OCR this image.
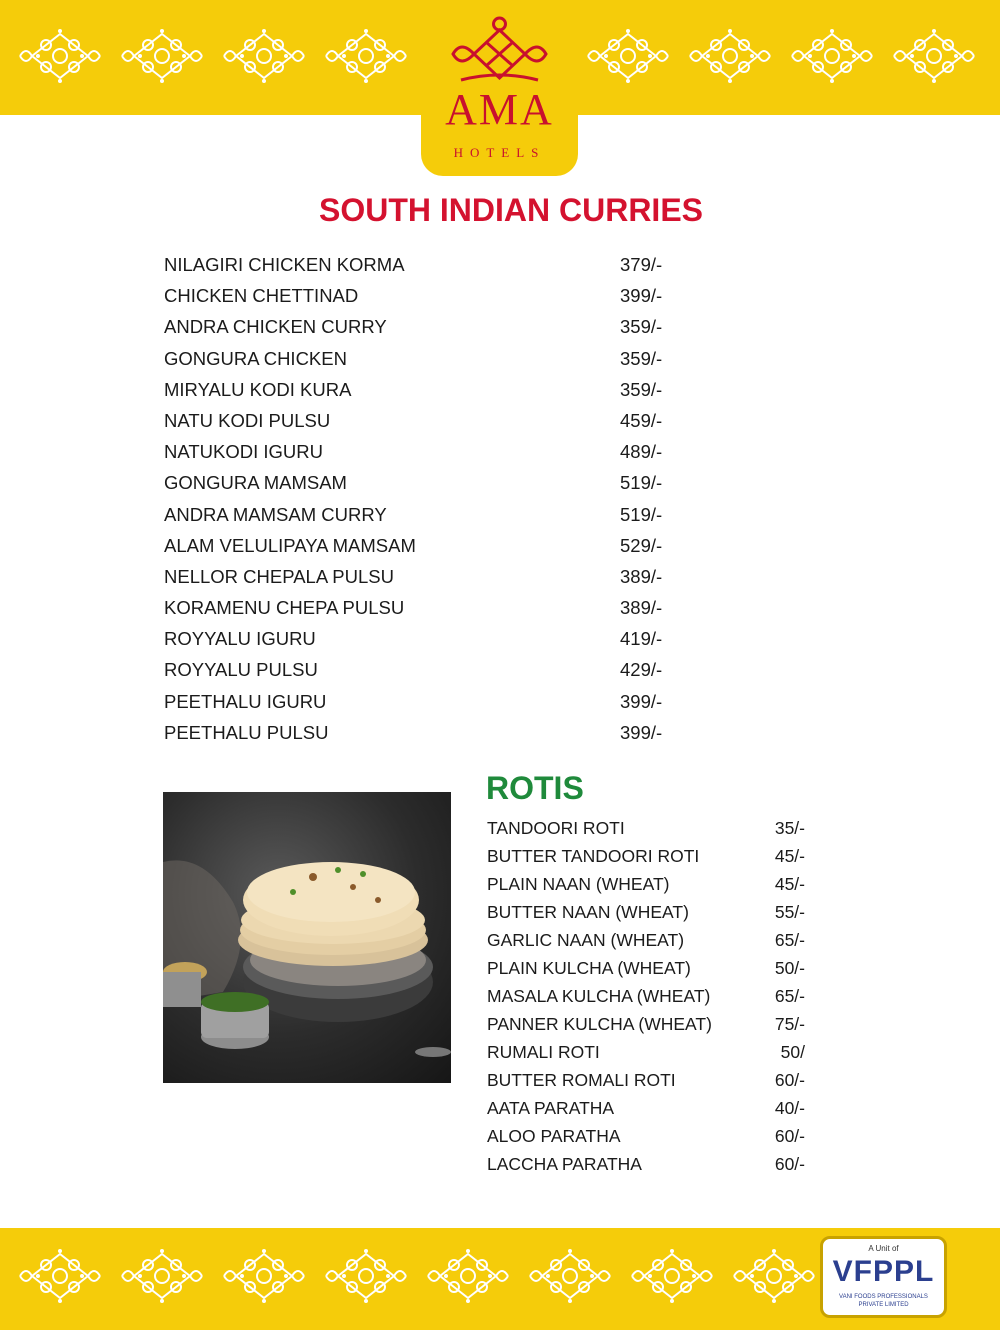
AMA
HOTELS
SOUTH INDIAN CURRIES
NILAGIRI CHICKEN KORMA	379/-
CHICKEN CHETTINAD	399/-
ANDRA CHICKEN CURRY	359/-
GONGURA CHICKEN	359/-
MIRYALU KODI KURA	359/-
NATU KODI PULSU	459/-
NATUKODI IGURU	489/-
GONGURA MAMSAM	519/-
ANDRA MAMSAM CURRY	519/-
ALAM VELULIPAYA MAMSAM	529/-
NELLOR CHEPALA PULSU	389/-
KORAMENU CHEPA PULSU	389/-
ROYYALU IGURU	419/-
ROYYALU PULSU	429/-
PEETHALU IGURU	399/-
PEETHALU PULSU	399/-
ROTIS
TANDOORI ROTI	35/-
BUTTER TANDOORI ROTI	45/-
PLAIN NAAN (WHEAT)	45/-
BUTTER NAAN (WHEAT)	55/-
GARLIC NAAN (WHEAT)	65/-
PLAIN KULCHA (WHEAT)	50/-
MASALA KULCHA (WHEAT)	65/-
PANNER KULCHA (WHEAT)	75/-
RUMALI ROTI	50/
BUTTER ROMALI ROTI	60/-
AATA PARATHA	40/-
ALOO PARATHA	60/-
LACCHA PARATHA	60/-
A Unit of
VFPPL
VANI FOODS PROFESSIONALS
PRIVATE LIMITED
